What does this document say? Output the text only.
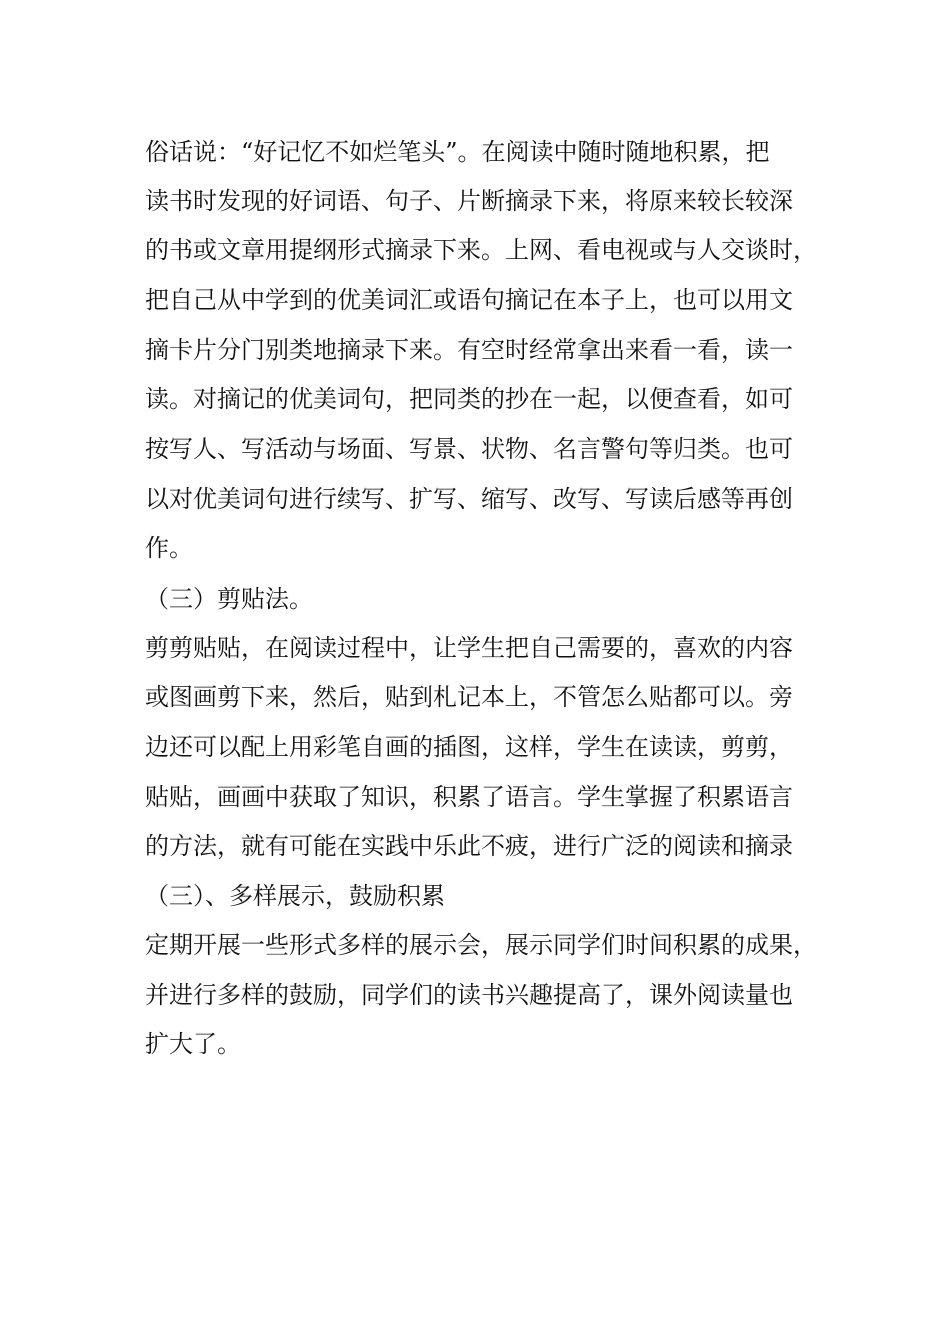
俗话说：“好记忆不如烂笔头”。在阅读中随时随地积累，把
读书时发现的好词语、句子、片断摘录下来，将原来较长较深
的书或文章用提纲形式摘录下来。上网、看电视或与人交谈时，
把自己从中学到的优美词汇或语句摘记在本子上，也可以用文
摘卡片分门别类地摘录下来。有空时经常拿出来看一看，读一
读。对摘记的优美词句，把同类的抄在一起，以便查看，如可
按写人、写活动与场面、写景、状物、名言警句等归类。也可
以对优美词句进行续写、扩写、缩写、改写、写读后感等再创
作。
（三）剪贴法。
剪剪贴贴，在阅读过程中，让学生把自己需要的，喜欢的内容
或图画剪下来，然后，贴到札记本上，不管怎么贴都可以。旁
边还可以配上用彩笔自画的插图，这样，学生在读读，剪剪，
贴贴，画画中获取了知识，积累了语言。学生掌握了积累语言
的方法，就有可能在实践中乐此不疲，进行广泛的阅读和摘录
（三）、多样展示，鼓励积累
定期开展一些形式多样的展示会，展示同学们时间积累的成果，
并进行多样的鼓励，同学们的读书兴趣提高了，课外阅读量也
扩大了。
